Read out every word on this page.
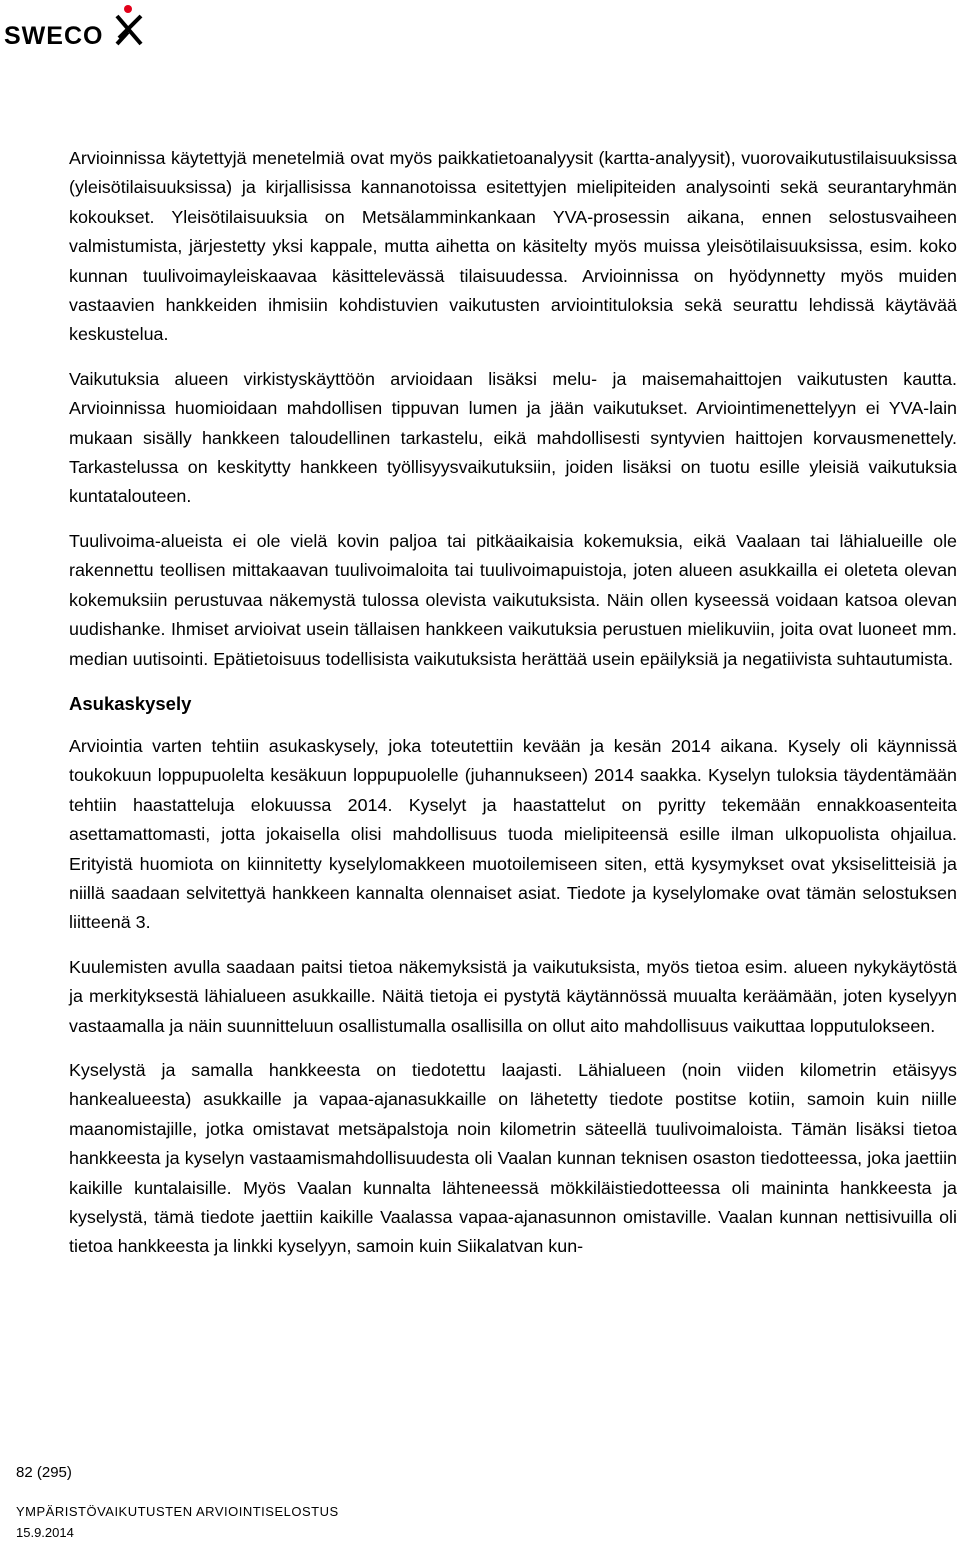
SWECO

Arvioinnissa käytettyjä menetelmiä ovat myös paikkatietoanalyysit (kartta-analyysit), vuorovaikutustilaisuuksissa (yleisötilaisuuksissa) ja kirjallisissa kannanotoissa esitettyjen mielipiteiden analysointi sekä seurantaryhmän kokoukset. Yleisötilaisuuksia on Metsälamminkankaan YVA-prosessin aikana, ennen selostusvaiheen valmistumista, järjestetty yksi kappale, mutta aihetta on käsitelty myös muissa yleisötilaisuuksissa, esim. koko kunnan tuulivoimayleiskaavaa käsittelevässä tilaisuudessa. Arvioinnissa on hyödynnetty myös muiden vastaavien hankkeiden ihmisiin kohdistuvien vaikutusten arviointituloksia sekä seurattu lehdissä käytävää keskustelua.

Vaikutuksia alueen virkistyskäyttöön arvioidaan lisäksi melu- ja maisemahaittojen vaikutusten kautta. Arvioinnissa huomioidaan mahdollisen tippuvan lumen ja jään vaikutukset. Arviointimenettelyyn ei YVA-lain mukaan sisälly hankkeen taloudellinen tarkastelu, eikä mahdollisesti syntyvien haittojen korvausmenettely. Tarkastelussa on keskitytty hankkeen työllisyysvaikutuksiin, joiden lisäksi on tuotu esille yleisiä vaikutuksia kuntatalouteen.

Tuulivoima-alueista ei ole vielä kovin paljoa tai pitkäaikaisia kokemuksia, eikä Vaalaan tai lähialueille ole rakennettu teollisen mittakaavan tuulivoimaloita tai tuulivoimapuistoja, joten alueen asukkailla ei oleteta olevan kokemuksiin perustuvaa näkemystä tulossa olevista vaikutuksista. Näin ollen kyseessä voidaan katsoa olevan uudishanke. Ihmiset arvioivat usein tällaisen hankkeen vaikutuksia perustuen mielikuviin, joita ovat luoneet mm. median uutisointi. Epätietoisuus todellisista vaikutuksista herättää usein epäilyksiä ja negatiivista suhtautumista.

Asukaskysely

Arviointia varten tehtiin asukaskysely, joka toteutettiin kevään ja kesän 2014 aikana. Kysely oli käynnissä toukokuun loppupuolelta kesäkuun loppupuolelle (juhannukseen) 2014 saakka. Kyselyn tuloksia täydentämään tehtiin haastatteluja elokuussa 2014. Kyselyt ja haastattelut on pyritty tekemään ennakkoasenteita asettamattomasti, jotta jokaisella olisi mahdollisuus tuoda mielipiteensä esille ilman ulkopuolista ohjailua. Erityistä huomiota on kiinnitetty kyselylomakkeen muotoilemiseen siten, että kysymykset ovat yksiselitteisiä ja niillä saadaan selvitettyä hankkeen kannalta olennaiset asiat. Tiedote ja kyselylomake ovat tämän selostuksen liitteenä 3.

Kuulemisten avulla saadaan paitsi tietoa näkemyksistä ja vaikutuksista, myös tietoa esim. alueen nykykäytöstä ja merkityksestä lähialueen asukkaille. Näitä tietoja ei pystytä käytännössä muualta keräämään, joten kyselyyn vastaamalla ja näin suunnitteluun osallistumalla osallisilla on ollut aito mahdollisuus vaikuttaa lopputulokseen.

Kyselystä ja samalla hankkeesta on tiedotettu laajasti. Lähialueen (noin viiden kilometrin etäisyys hankealueesta) asukkaille ja vapaa-ajanasukkaille on lähetetty tiedote postitse kotiin, samoin kuin niille maanomistajille, jotka omistavat metsäpalstoja noin kilometrin säteellä tuulivoimaloista. Tämän lisäksi tietoa hankkeesta ja kyselyn vastaamismahdollisuudesta oli Vaalan kunnan teknisen osaston tiedotteessa, joka jaettiin kaikille kuntalaisille. Myös Vaalan kunnalta lähteneessä mökkiläistiedotteessa oli maininta hankkeesta ja kyselystä, tämä tiedote jaettiin kaikille Vaalassa vapaa-ajanasunnon omistaville. Vaalan kunnan nettisivuilla oli tietoa hankkeesta ja linkki kyselyyn, samoin kuin Siikalatvan kun-

82 (295)
YMPÄRISTÖVAIKUTUSTEN ARVIOINTISELOSTUS
15.9.2014
